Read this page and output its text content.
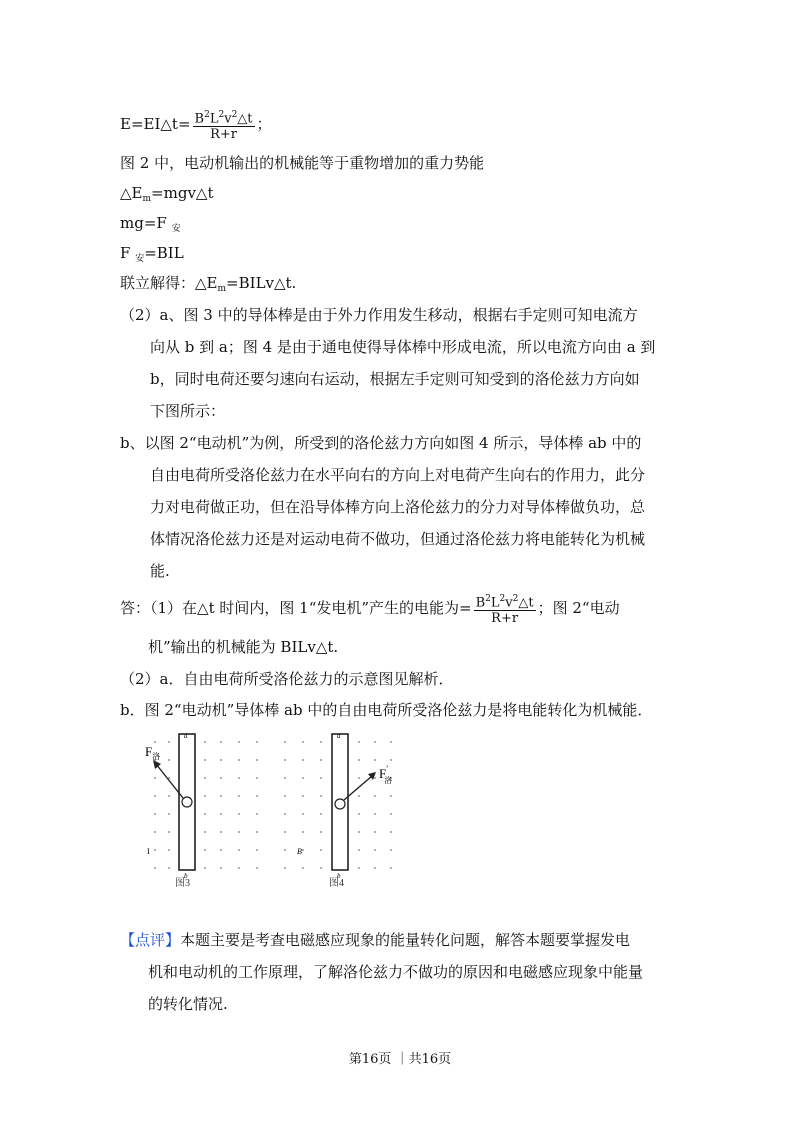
E=EI△t= $\frac{B^2L^2v^2\triangle t}{R+r}$ ；
图 2 中，电动机输出的机械能等于重物增加的重力势能
$\triangle E_m=mgv\triangle t$
mg=F $_安$
F $_安$=BIL
联立解得：$\triangle E_m=BILv\triangle t$.
（2）a、图 3 中的导体棒是由于外力作用发生移动，根据右手定则可知电流方
向从 b 到 a；图 4 是由于通电使得导体棒中形成电流，所以电流方向由 a 到
b，同时电荷还要匀速向右运动，根据左手定则可知受到的洛伦兹力方向如
下图所示：
b、以图 2“电动机”为例，所受到的洛伦兹力方向如图 4 所示，导体棒 ab 中的
自由电荷所受洛伦兹力在水平向右的方向上对电荷产生向右的作用力，此分
力对电荷做正功，但在沿导体棒方向上洛伦兹力的分力对导体棒做负功，总
体情况洛伦兹力还是对运动电荷不做功，但通过洛伦兹力将电能转化为机械
能.
答：（1）在△t 时间内，图 1“发电机”产生的电能为= $\frac{B^2L^2v^2\triangle t}{R+r}$ ；图 2“电动
机”输出的机械能为 BILv△t.
（2）a．自由电荷所受洛伦兹力的示意图见解析．
b．图 2“电动机”导体棒 ab 中的自由电荷所受洛伦兹力是将电能转化为机械能．
$F_洛$
a
b
I
图3
F′洛
a
b
B
图4
【点评】本题主要是考查电磁感应现象的能量转化问题，解答本题要掌握发电
机和电动机的工作原理，了解洛伦兹力不做功的原因和电磁感应现象中能量
的转化情况.
第16页 ｜共16页
